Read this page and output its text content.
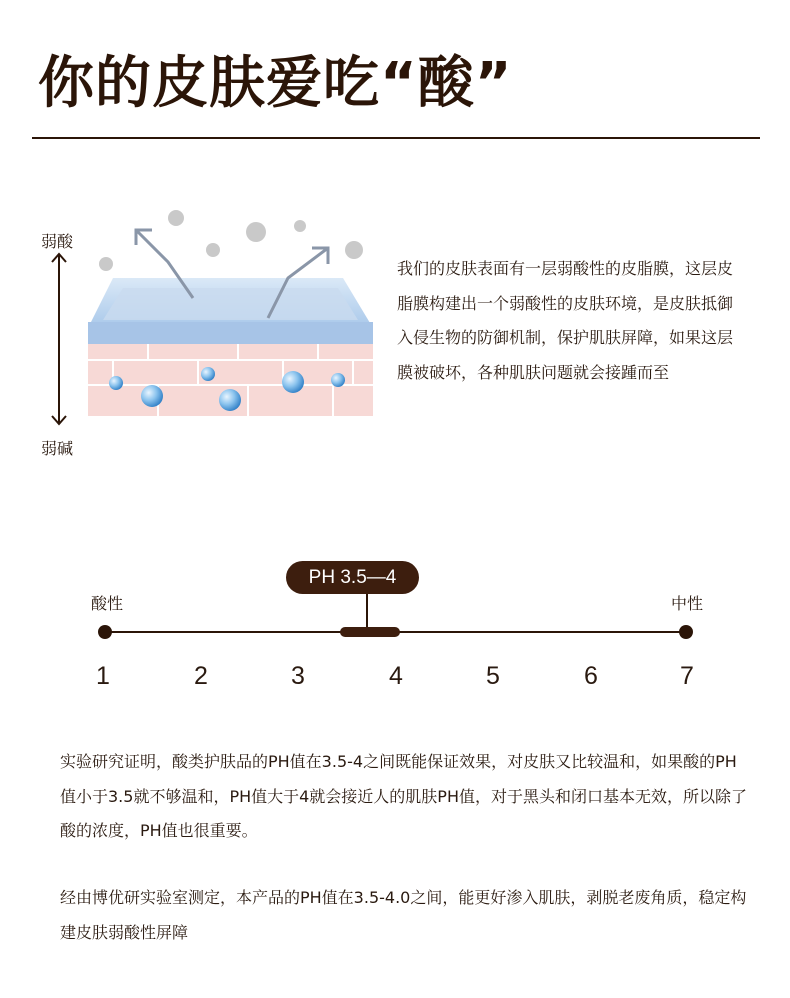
你的皮肤爱吃“酸”
弱酸
弱碱
我们的皮肤表面有一层弱酸性的皮脂膜，这层皮脂膜构建出一个弱酸性的皮肤环境，是皮肤抵御入侵生物的防御机制，保护肌肤屏障，如果这层膜被破坏，各种肌肤问题就会接踵而至
PH 3.5—4
酸性	中性
1	2	3	4	5	6	7
实验研究证明，酸类护肤品的PH值在3.5-4之间既能保证效果，对皮肤又比较温和，如果酸的PH值小于3.5就不够温和，PH值大于4就会接近人的肌肤PH值，对于黑头和闭口基本无效，所以除了酸的浓度，PH值也很重要。
经由博优研实验室测定，本产品的PH值在3.5-4.0之间，能更好渗入肌肤，剥脱老废角质，稳定构建皮肤弱酸性屏障
